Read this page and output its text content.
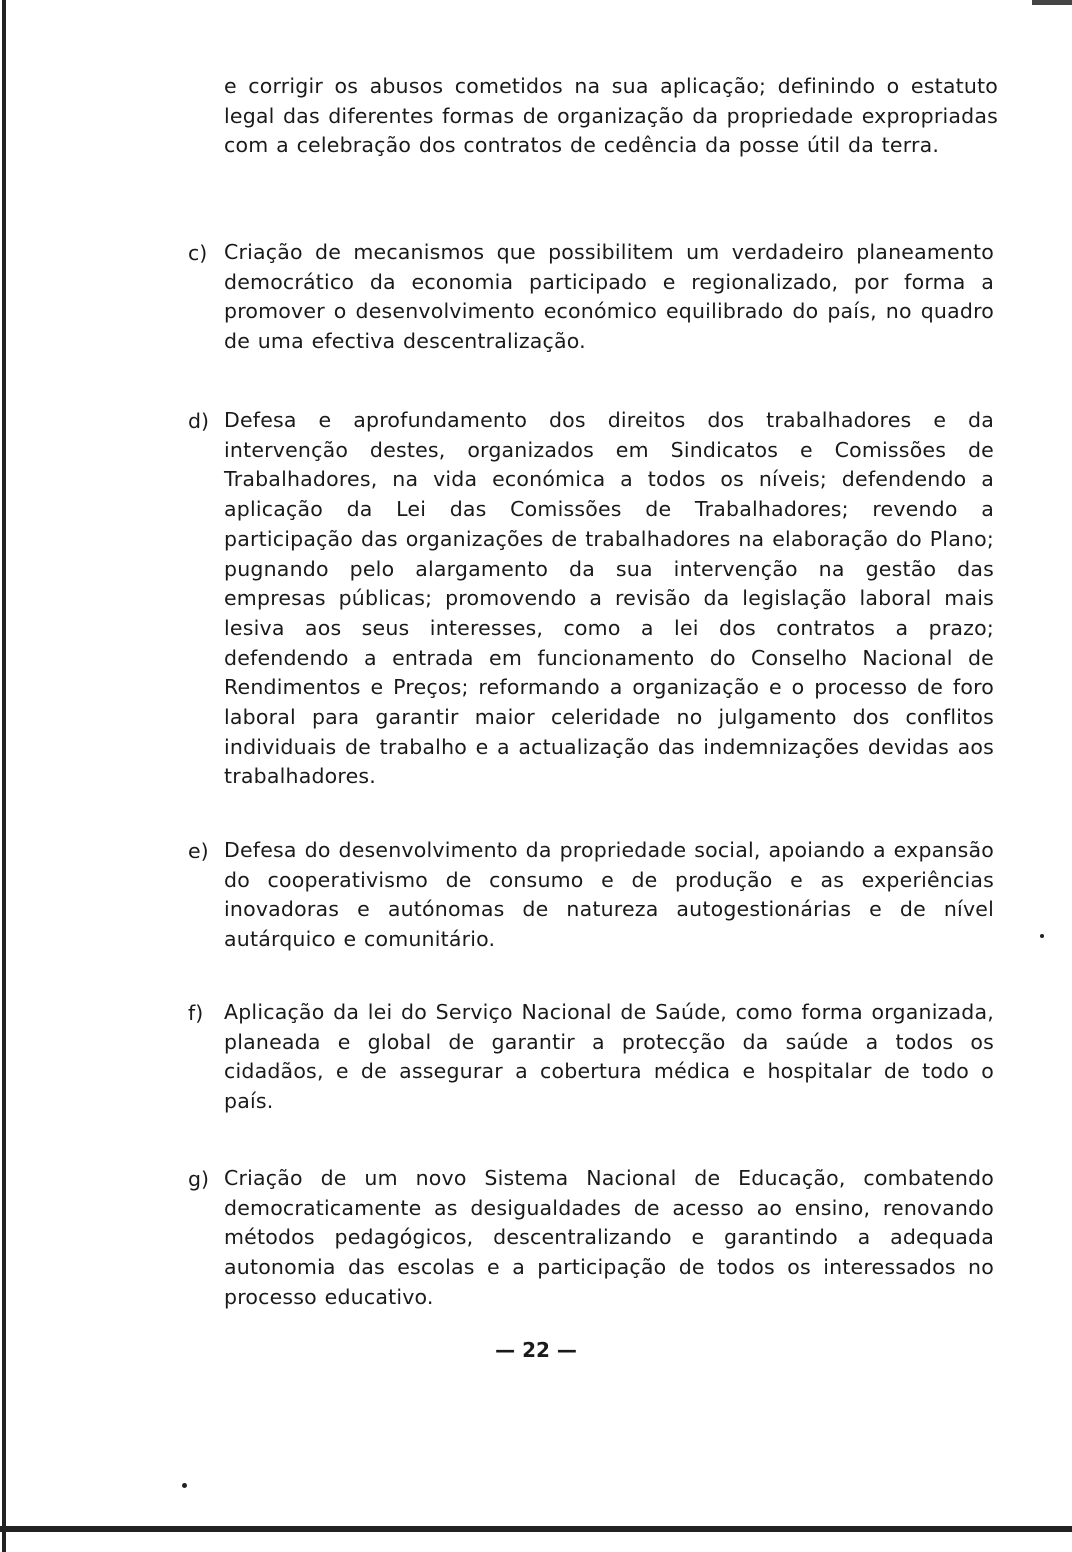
e corrigir os abusos cometidos na sua aplicação; definindo o estatuto legal das diferentes formas de organização da propriedade expropriadas com a celebração dos contratos de cedência da posse útil da terra.

c) Criação de mecanismos que possibilitem um verdadeiro planeamento democrático da economia participado e regionalizado, por forma a promover o desenvolvimento económico equilibrado do país, no quadro de uma efectiva descentralização.

d) Defesa e aprofundamento dos direitos dos trabalhadores e da intervenção destes, organizados em Sindicatos e Comissões de Trabalhadores, na vida económica a todos os níveis; defendendo a aplicação da Lei das Comissões de Trabalhadores; revendo a participação das organizações de trabalhadores na elaboração do Plano; pugnando pelo alargamento da sua intervenção na gestão das empresas públicas; promovendo a revisão da legislação laboral mais lesiva aos seus interesses, como a lei dos contratos a prazo; defendendo a entrada em funcionamento do Conselho Nacional de Rendimentos e Preços; reformando a organização e o processo de foro laboral para garantir maior celeridade no julgamento dos conflitos individuais de trabalho e a actualização das indemnizações devidas aos trabalhadores.

e) Defesa do desenvolvimento da propriedade social, apoiando a expansão do cooperativismo de consumo e de produção e as experiências inovadoras e autónomas de natureza autogestionárias e de nível autárquico e comunitário.

f)	Aplicação da lei do Serviço Nacional de Saúde, como forma organizada, planeada e global de garantir a protecção da saúde a todos os cidadãos, e de assegurar a cobertura médica e hospitalar de todo o país.

g) Criação de um novo Sistema Nacional de Educação, combatendo democraticamente as desigualdades de acesso ao ensino, renovando métodos pedagógicos, descentralizando e garantindo a adequada autonomia das escolas e a participação de todos os interessados no processo educativo.

— 22 —
